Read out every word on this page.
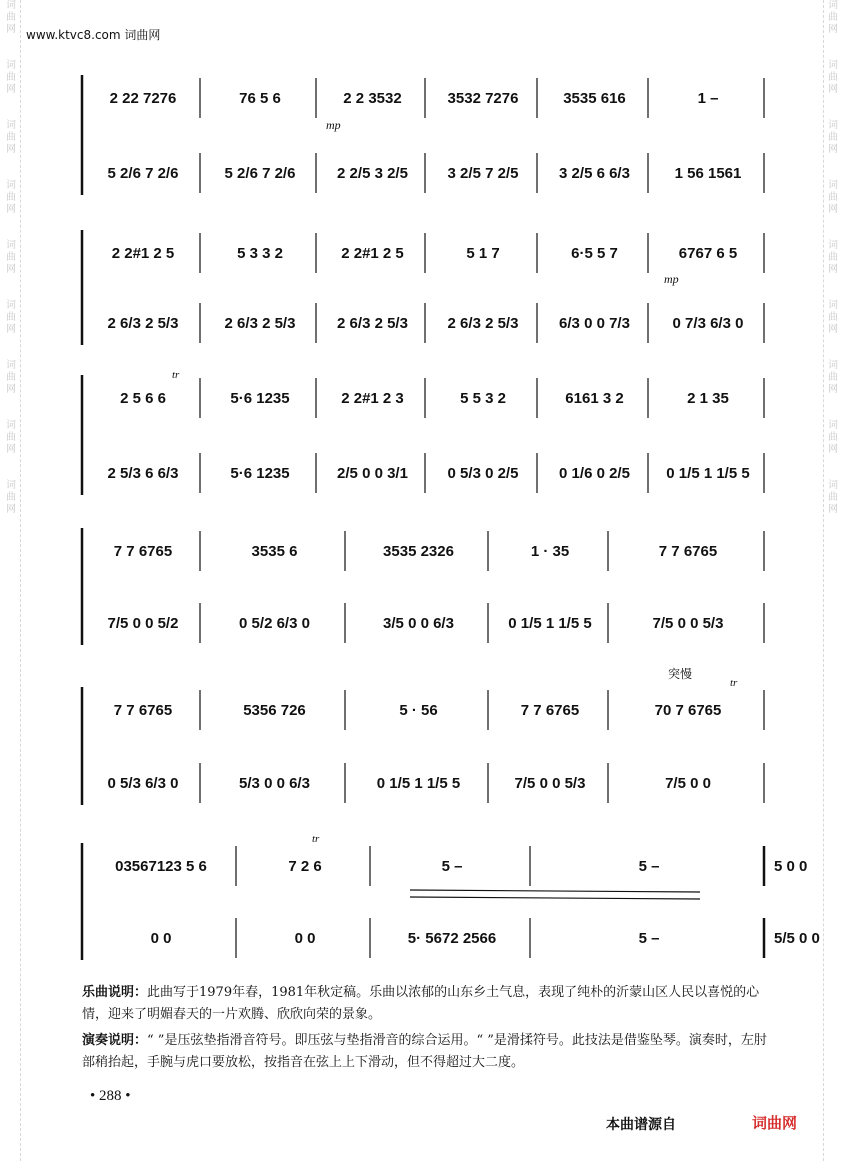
词
曲
网
词
曲
网
词
曲
网
词
曲
网
词
曲
网
词
曲
网
词
曲
网
词
曲
网
词
曲
网
词
曲
网
词
曲
网
词
曲
网
词
曲
网
词
曲
网
词
曲
网
词
曲
网
词
曲
网
词
曲
网
www.ktvc8.com 词曲网
2 22 7276	76 5 6	2 2 3532	3532 7276	3535 616	1 –
5 2/6 7 2/6	5 2/6 7 2/6	2 2/5 3 2/5	3 2/5 7 2/5	3 2/5 6 6/3	1 56 1561
2 2#1 2 5	5 3 3 2	2 2#1 2 5	5 1 7	6·5 5 7	6767 6 5
2 6/3 2 5/3	2 6/3 2 5/3	2 6/3 2 5/3	2 6/3 2 5/3	6/3 0 0 7/3	0 7/3 6/3 0
2 5 6 6	5·6 1235	2 2#1 2 3	5 5 3 2	6161 3 2	2 1 35
2 5/3 6 6/3	5·6 1235	2/5 0 0 3/1	0 5/3 0 2/5	0 1/6 0 2/5	0 1/5 1 1/5 5
7 7 6765	3535 6	3535 2326	1 · 35	7 7 6765
7/5 0 0 5/2	0 5/2 6/3 0	3/5 0 0 6/3	0 1/5 1 1/5 5	7/5 0 0 5/3
7 7 6765	5356 726	5 · 56	7 7 6765	70 7 6765
0 5/3 6/3 0	5/3 0 0 6/3	0 1/5 1 1/5 5	7/5 0 0 5/3	7/5 0 0
03567123 5 6	7 2 6	5 –	5 –	5 0 0
0 0	0 0	5· 5672 2566	5 –	5/5 0 0
mp
mp
tr
突慢
tr
tr
乐曲说明：此曲写于1979年春，1981年秋定稿。乐曲以浓郁的山东乡土气息，表现了纯朴的沂蒙山区人民以喜悦的心情，迎来了明媚春天的一片欢腾、欣欣向荣的景象。
演奏说明：“ ”是压弦垫指滑音符号。即压弦与垫指滑音的综合运用。“ ”是滑揉符号。此技法是借鉴坠琴。演奏时，左肘部稍抬起，手腕与虎口要放松，按指音在弦上上下滑动，但不得超过大二度。
• 288 •
本曲谱源自	词曲网
